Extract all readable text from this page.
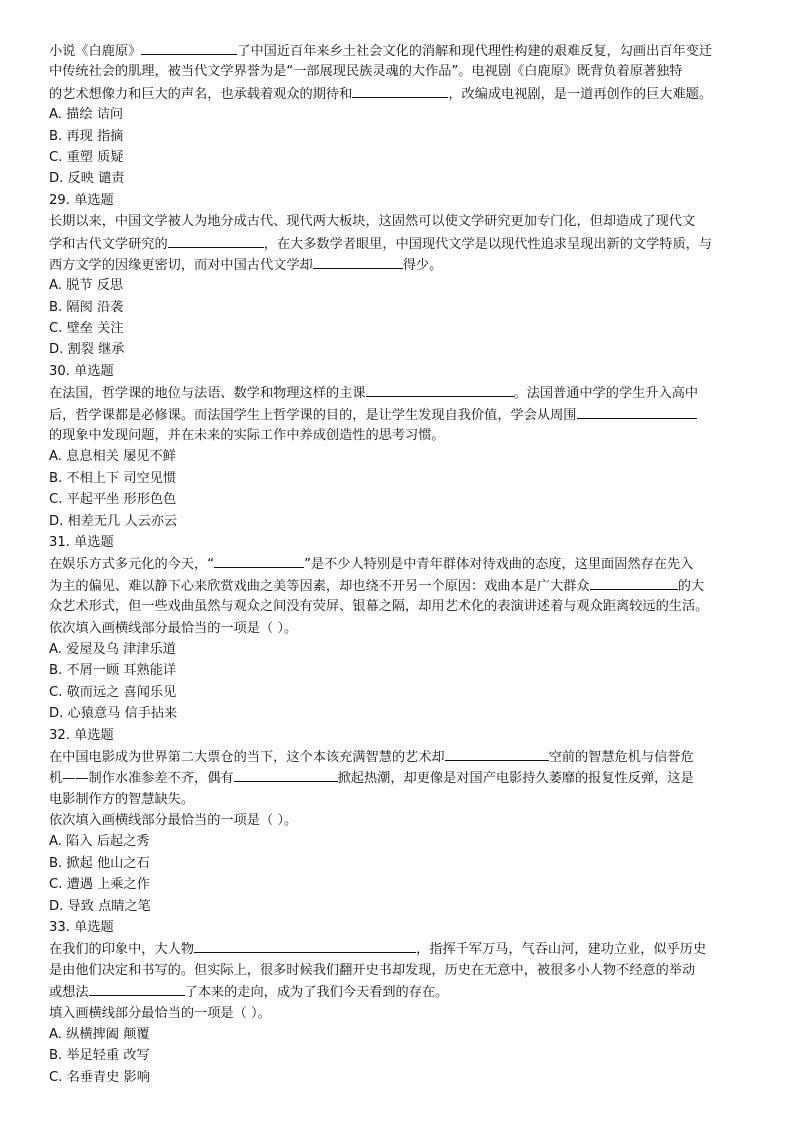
小说《白鹿原》	了中国近百年来乡土社会文化的消解和现代理性构建的艰难反复，勾画出百年变迁
中传统社会的肌理，被当代文学界誉为是“一部展现民族灵魂的大作品”。电视剧《白鹿原》既背负着原著独特
的艺术想像力和巨大的声名，也承载着观众的期待和	，改编成电视剧，是一道再创作的巨大难题。
A. 描绘 诘问
B. 再现 指摘
C. 重塑 质疑
D. 反映 谴责
29. 单选题
长期以来，中国文学被人为地分成古代、现代两大板块，这固然可以使文学研究更加专门化，但却造成了现代文
学和古代文学研究的	，在大多数学者眼里，中国现代文学是以现代性追求呈现出新的文学特质，与
西方文学的因缘更密切，而对中国古代文学却	得少。
A. 脱节 反思
B. 隔阂 沿袭
C. 壁垒 关注
D. 割裂 继承
30. 单选题
在法国，哲学课的地位与法语、数学和物理这样的主课	。法国普通中学的学生升入高中
后，哲学课都是必修课。而法国学生上哲学课的目的，是让学生发现自我价值，学会从周围
的现象中发现问题，并在未来的实际工作中养成创造性的思考习惯。
A. 息息相关 屡见不鲜
B. 不相上下 司空见惯
C. 平起平坐 形形色色
D. 相差无几 人云亦云
31. 单选题
在娱乐方式多元化的今天，“	”是不少人特别是中青年群体对待戏曲的态度，这里面固然存在先入
为主的偏见、难以静下心来欣赏戏曲之美等因素，却也绕不开另一个原因：戏曲本是广大群众	的大
众艺术形式，但一些戏曲虽然与观众之间没有荧屏、银幕之隔，却用艺术化的表演讲述着与观众距离较远的生活。
依次填入画横线部分最恰当的一项是（ ）。
A. 爱屋及乌 津津乐道
B. 不屑一顾 耳熟能详
C. 敬而远之 喜闻乐见
D. 心猿意马 信手拈来
32. 单选题
在中国电影成为世界第二大票仓的当下，这个本该充满智慧的艺术却	空前的智慧危机与信誉危
机——制作水准参差不齐，偶有	掀起热潮，却更像是对国产电影持久萎靡的报复性反弹，这是
电影制作方的智慧缺失。
依次填入画横线部分最恰当的一项是（ ）。
A. 陷入 后起之秀
B. 掀起 他山之石
C. 遭遇 上乘之作
D. 导致 点睛之笔
33. 单选题
在我们的印象中，大人物	，指挥千军万马，气吞山河，建功立业，似乎历史
是由他们决定和书写的。但实际上，很多时候我们翻开史书却发现，历史在无意中，被很多小人物不经意的举动
或想法	了本来的走向，成为了我们今天看到的存在。
填入画横线部分最恰当的一项是（ ）。
A. 纵横捭阖 颠覆
B. 举足轻重 改写
C. 名垂青史 影响
